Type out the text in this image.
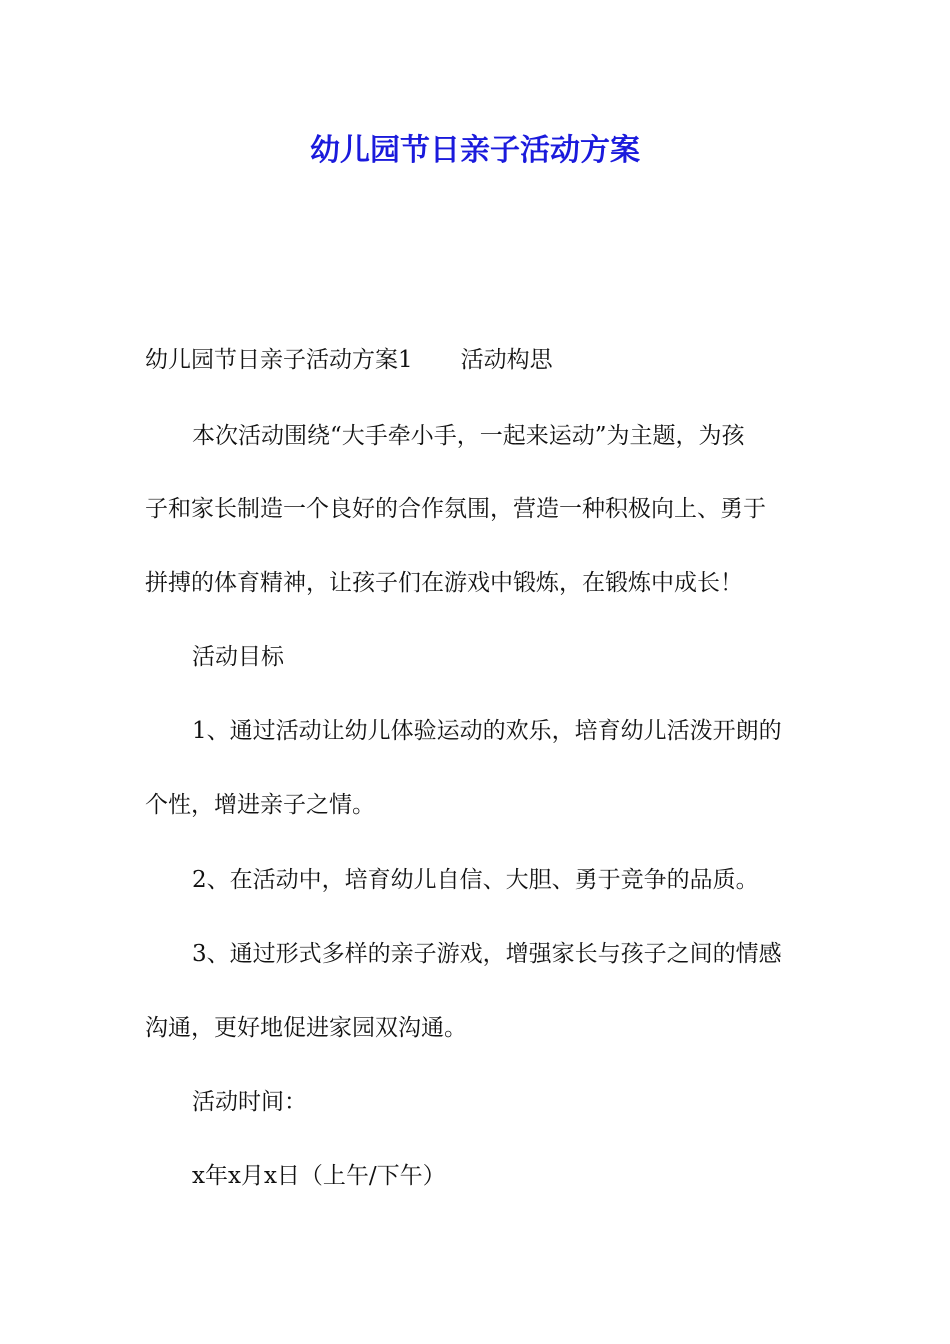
幼儿园节日亲子活动方案
幼儿园节日亲子活动方案1 活动构思
本次活动围绕“大手牵小手，一起来运动”为主题，为孩
子和家长制造一个良好的合作氛围，营造一种积极向上、勇于
拼搏的体育精神，让孩子们在游戏中锻炼，在锻炼中成长！
活动目标
1、通过活动让幼儿体验运动的欢乐，培育幼儿活泼开朗的
个性，增进亲子之情。
2、在活动中，培育幼儿自信、大胆、勇于竞争的品质。
3、通过形式多样的亲子游戏，增强家长与孩子之间的情感
沟通，更好地促进家园双沟通。
活动时间：
x年x月x日（上午/下午）
